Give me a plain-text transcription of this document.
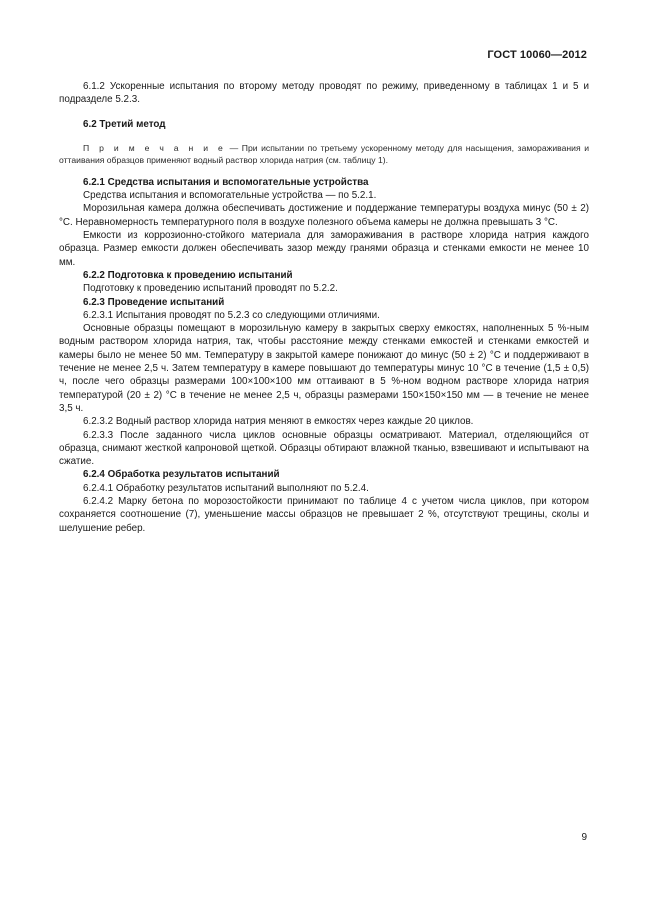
ГОСТ 10060—2012

6.1.2 Ускоренные испытания по второму методу проводят по режиму, приведенному в таблицах 1 и 5 и подразделе 5.2.3.

6.2 Третий метод

П р и м е ч а н и е — При испытании по третьему ускоренному методу для насыщения, замораживания и оттаивания образцов применяют водный раствор хлорида натрия (см. таблицу 1).

6.2.1 Средства испытания и вспомогательные устройства

Средства испытания и вспомогательные устройства — по 5.2.1.

Морозильная камера должна обеспечивать достижение и поддержание температуры воздуха минус (50 ± 2) °С. Неравномерность температурного поля в воздухе полезного объема камеры не должна превышать 3 °С.

Емкости из коррозионно-стойкого материала для замораживания в растворе хлорида натрия каждого образца. Размер емкости должен обеспечивать зазор между гранями образца и стенками емкости не менее 10 мм.

6.2.2 Подготовка к проведению испытаний

Подготовку к проведению испытаний проводят по 5.2.2.

6.2.3 Проведение испытаний

6.2.3.1 Испытания проводят по 5.2.3 со следующими отличиями.

Основные образцы помещают в морозильную камеру в закрытых сверху емкостях, наполненных 5 %-ным водным раствором хлорида натрия, так, чтобы расстояние между стенками емкостей и стенками емкостей и камеры было не менее 50 мм. Температуру в закрытой камере понижают до минус (50 ± 2) °С и поддерживают в течение не менее 2,5 ч. Затем температуру в камере повышают до температуры минус 10 °С в течение (1,5 ± 0,5) ч, после чего образцы размерами 100×100×100 мм оттаивают в 5 %-ном водном растворе хлорида натрия температурой (20 ± 2) °С в течение не менее 2,5 ч, образцы размерами 150×150×150 мм — в течение не менее 3,5 ч.

6.2.3.2 Водный раствор хлорида натрия меняют в емкостях через каждые 20 циклов.

6.2.3.3 После заданного числа циклов основные образцы осматривают. Материал, отделяющийся от образца, снимают жесткой капроновой щеткой. Образцы обтирают влажной тканью, взвешивают и испытывают на сжатие.

6.2.4 Обработка результатов испытаний

6.2.4.1 Обработку результатов испытаний выполняют по 5.2.4.

6.2.4.2 Марку бетона по морозостойкости принимают по таблице 4 с учетом числа циклов, при котором сохраняется соотношение (7), уменьшение массы образцов не превышает 2 %, отсутствуют трещины, сколы и шелушение ребер.

9
